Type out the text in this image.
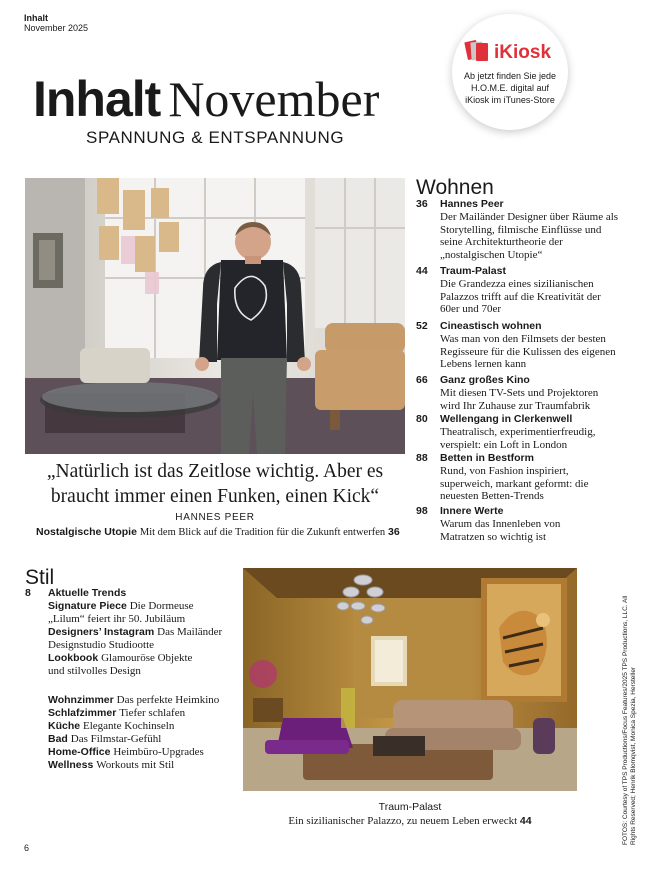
Inhalt
November 2025
Inhalt November
SPANNUNG & ENTSPANNUNG
iKiosk
Ab jetzt finden Sie jede H.O.M.E. digital auf iKiosk im iTunes-Store
„Natürlich ist das Zeitlose wichtig. Aber es braucht immer einen Funken, einen Kick“
HANNES PEER
Nostalgische Utopie Mit dem Blick auf die Tradition für die Zukunft entwerfen 36
Wohnen
36 Hannes Peer
Der Mailänder Designer über Räume als Storytelling, filmische Einflüsse und seine Architekturtheorie der „nostalgischen Utopie“
44 Traum-Palast
Die Grandezza eines sizilianischen Palazzos trifft auf die Kreativität der 60er und 70er
52 Cineastisch wohnen
Was man von den Filmsets der besten Regisseure für die Kulissen des eigenen Lebens lernen kann
66 Ganz großes Kino
Mit diesen TV-Sets und Projektoren wird Ihr Zuhause zur Traumfabrik
80 Wellengang in Clerkenwell
Theatralisch, experimentierfreudig, verspielt: ein Loft in London
88 Betten in Bestform
Rund, von Fashion inspiriert, superweich, markant geformt: die neuesten Betten-Trends
98 Innere Werte
Warum das Innenleben von Matratzen so wichtig ist
Stil
8 Aktuelle Trends
Signature Piece Die Dormeuse
„Lilum“ feiert ihr 50. Jubiläum
Designers’ Instagram Das Mailänder
Designstudio Studiootte
Lookbook Glamouröse Objekte
und stilvolles Design
Wohnzimmer Das perfekte Heimkino
Schlafzimmer Tiefer schlafen
Küche Elegante Kochinseln
Bad Das Filmstar-Gefühl
Home-Office Heimbüro-Upgrades
Wellness Workouts mit Stil
Traum-Palast
Ein sizilianischer Palazzo, zu neuem Leben erweckt 44	FOTOS: Courtesy of TPS Productions/Focus Features/2025 TPS Productions, LLC. All Rights Reserved; Henrik Blomqvist, Monica Spezia, Hersteller
6
